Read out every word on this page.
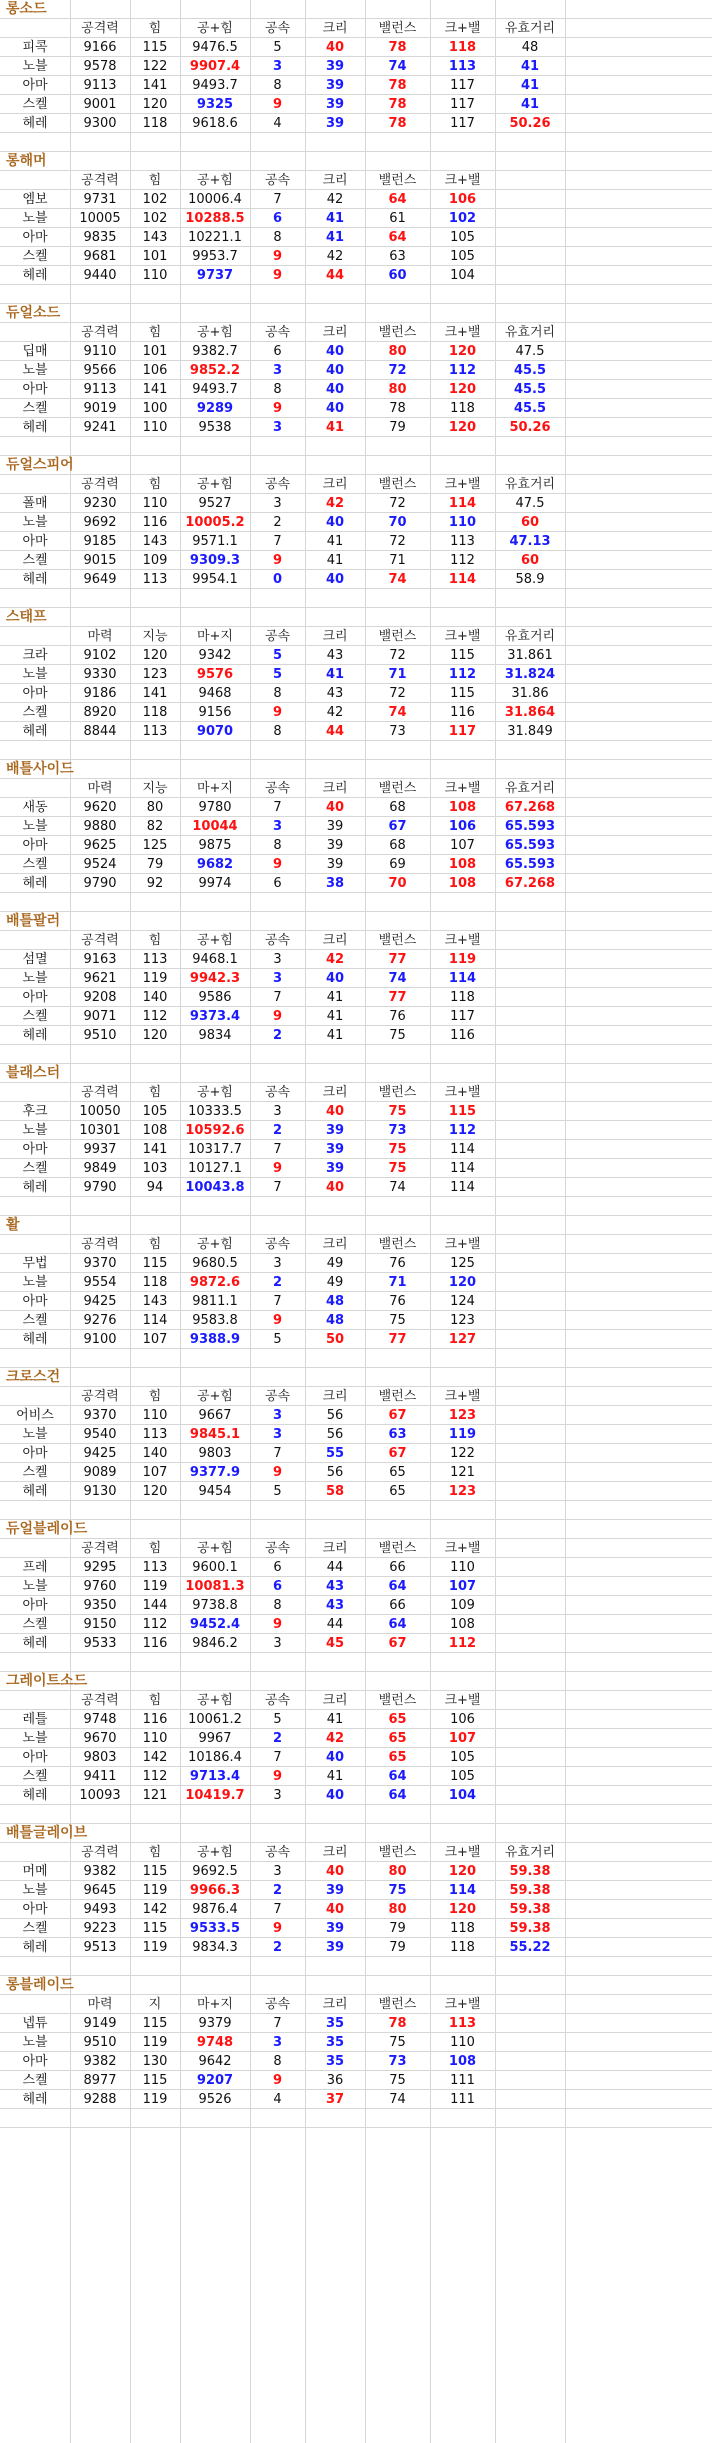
롱소드
공격력	힘	공+힘	공속	크리	밸런스	크+밸	유효거리
피콕	9166	115	9476.5	5	40	78	118	48
노블	9578	122	9907.4	3	39	74	113	41
아마	9113	141	9493.7	8	39	78	117	41
스켈	9001	120	9325	9	39	78	117	41
헤레	9300	118	9618.6	4	39	78	117	50.26
롱해머
공격력	힘	공+힘	공속	크리	밸런스	크+밸
엠보	9731	102	10006.4	7	42	64	106
노블	10005	102	10288.5	6	41	61	102
아마	9835	143	10221.1	8	41	64	105
스켈	9681	101	9953.7	9	42	63	105
헤레	9440	110	9737	9	44	60	104
듀얼소드
공격력	힘	공+힘	공속	크리	밸런스	크+밸	유효거리
딥매	9110	101	9382.7	6	40	80	120	47.5
노블	9566	106	9852.2	3	40	72	112	45.5
아마	9113	141	9493.7	8	40	80	120	45.5
스켈	9019	100	9289	9	40	78	118	45.5
헤레	9241	110	9538	3	41	79	120	50.26
듀얼스피어
공격력	힘	공+힘	공속	크리	밸런스	크+밸	유효거리
폴매	9230	110	9527	3	42	72	114	47.5
노블	9692	116	10005.2	2	40	70	110	60
아마	9185	143	9571.1	7	41	72	113	47.13
스켈	9015	109	9309.3	9	41	71	112	60
헤레	9649	113	9954.1	0	40	74	114	58.9
스태프
마력	지능	마+지	공속	크리	밸런스	크+밸	유효거리
크라	9102	120	9342	5	43	72	115	31.861
노블	9330	123	9576	5	41	71	112	31.824
아마	9186	141	9468	8	43	72	115	31.86
스켈	8920	118	9156	9	42	74	116	31.864
헤레	8844	113	9070	8	44	73	117	31.849
배틀사이드
마력	지능	마+지	공속	크리	밸런스	크+밸	유효거리
새동	9620	80	9780	7	40	68	108	67.268
노블	9880	82	10044	3	39	67	106	65.593
아마	9625	125	9875	8	39	68	107	65.593
스켈	9524	79	9682	9	39	69	108	65.593
헤레	9790	92	9974	6	38	70	108	67.268
배틀팔러
공격력	힘	공+힘	공속	크리	밸런스	크+밸
섬멸	9163	113	9468.1	3	42	77	119
노블	9621	119	9942.3	3	40	74	114
아마	9208	140	9586	7	41	77	118
스켈	9071	112	9373.4	9	41	76	117
헤레	9510	120	9834	2	41	75	116
블래스터
공격력	힘	공+힘	공속	크리	밸런스	크+밸
후크	10050	105	10333.5	3	40	75	115
노블	10301	108	10592.6	2	39	73	112
아마	9937	141	10317.7	7	39	75	114
스켈	9849	103	10127.1	9	39	75	114
헤레	9790	94	10043.8	7	40	74	114
활
공격력	힘	공+힘	공속	크리	밸런스	크+밸
무법	9370	115	9680.5	3	49	76	125
노블	9554	118	9872.6	2	49	71	120
아마	9425	143	9811.1	7	48	76	124
스켈	9276	114	9583.8	9	48	75	123
헤레	9100	107	9388.9	5	50	77	127
크로스건
공격력	힘	공+힘	공속	크리	밸런스	크+밸
어비스	9370	110	9667	3	56	67	123
노블	9540	113	9845.1	3	56	63	119
아마	9425	140	9803	7	55	67	122
스켈	9089	107	9377.9	9	56	65	121
헤레	9130	120	9454	5	58	65	123
듀얼블레이드
공격력	힘	공+힘	공속	크리	밸런스	크+밸
프레	9295	113	9600.1	6	44	66	110
노블	9760	119	10081.3	6	43	64	107
아마	9350	144	9738.8	8	43	66	109
스켈	9150	112	9452.4	9	44	64	108
헤레	9533	116	9846.2	3	45	67	112
그레이트소드
공격력	힘	공+힘	공속	크리	밸런스	크+밸
레틀	9748	116	10061.2	5	41	65	106
노블	9670	110	9967	2	42	65	107
아마	9803	142	10186.4	7	40	65	105
스켈	9411	112	9713.4	9	41	64	105
헤레	10093	121	10419.7	3	40	64	104
배틀글레이브
공격력	힘	공+힘	공속	크리	밸런스	크+밸	유효거리
머메	9382	115	9692.5	3	40	80	120	59.38
노블	9645	119	9966.3	2	39	75	114	59.38
아마	9493	142	9876.4	7	40	80	120	59.38
스켈	9223	115	9533.5	9	39	79	118	59.38
헤레	9513	119	9834.3	2	39	79	118	55.22
롱블레이드
마력	지	마+지	공속	크리	밸런스	크+밸
넵튜	9149	115	9379	7	35	78	113
노블	9510	119	9748	3	35	75	110
아마	9382	130	9642	8	35	73	108
스켈	8977	115	9207	9	36	75	111
헤레	9288	119	9526	4	37	74	111
